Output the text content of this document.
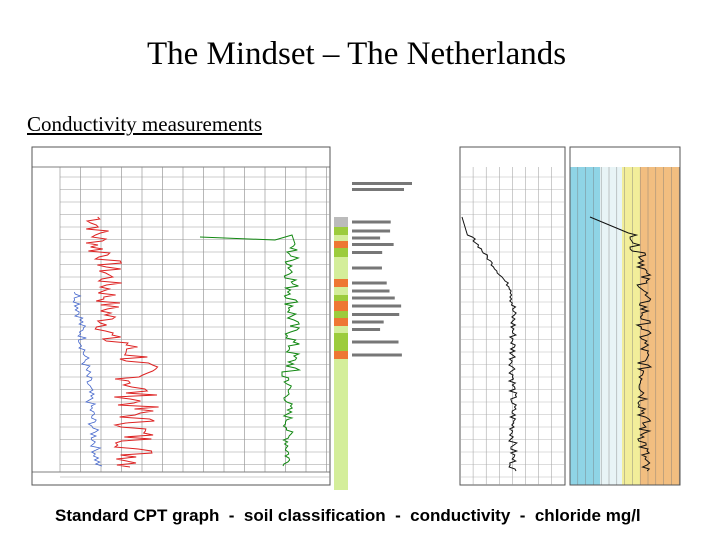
The Mindset – The Netherlands
Conductivity measurements
Standard CPT graph  -  soil classification  -  conductivity  -  chloride mg/l
